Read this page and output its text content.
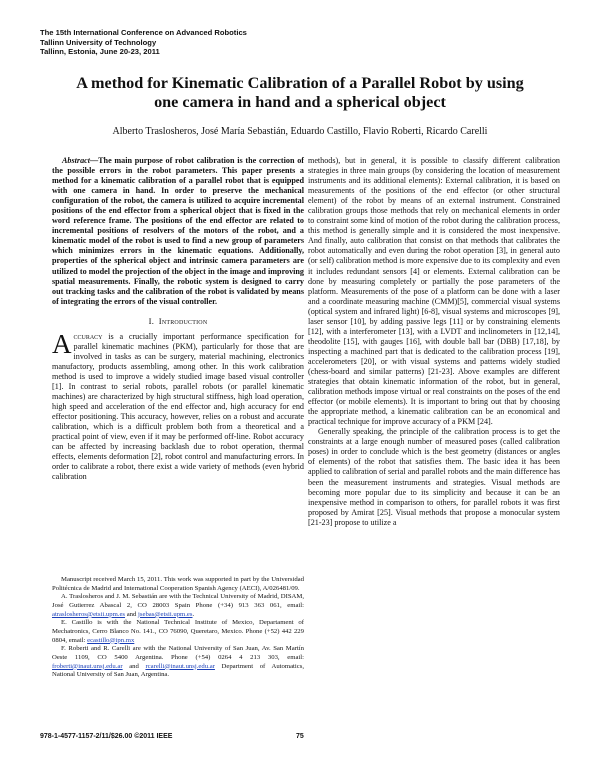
The 15th International Conference on Advanced Robotics
Tallinn University of Technology
Tallinn, Estonia, June 20-23, 2011
A method for Kinematic Calibration of a Parallel Robot by using
one camera in hand and a spherical object
Alberto Traslosheros, José María Sebastián, Eduardo Castillo, Flavio Roberti, Ricardo Carelli

Abstract—The main purpose of robot calibration is the correction of the possible errors in the robot parameters. This paper presents a method for a kinematic calibration of a parallel robot that is equipped with one camera in hand. In order to preserve the mechanical configuration of the robot, the camera is utilized to acquire incremental positions of the end effector from a spherical object that is fixed in the word reference frame. The positions of the end effector are related to incremental positions of resolvers of the motors of the robot, and a kinematic model of the robot is used to find a new group of parameters which minimizes errors in the kinematic equations. Additionally, properties of the spherical object and intrinsic camera parameters are utilized to model the projection of the object in the image and improving spatial measurements. Finally, the robotic system is designed to carry out tracking tasks and the calibration of the robot is validated by means of integrating the errors of the visual controller.

I. Introduction

Accuracy is a crucially important performance specification for parallel kinematic machines (PKM), particularly for those that are involved in tasks as can be surgery, material machining, electronics manufactory, products assembling, among other. In this work calibration method is used to improve a widely studied image based visual controller [1]. In contrast to serial robots, parallel robots (or parallel kinematic machines) are characterized by high structural stiffness, high load operation, high speed and acceleration of the end effector and, high accuracy for end effector positioning. This accuracy, however, relies on a robust and accurate calibration, which is a difficult problem both from a theoretical and a practical point of view, even if it may be performed off-line. Robot accuracy can be affected by increasing backlash due to robot operation, thermal effects, elements deformation [2], robot control and manufacturing errors. In order to calibrate a robot, there exist a wide variety of methods (even hybrid calibration

methods), but in general, it is possible to classify different calibration strategies in three main groups (by considering the location of measurement instruments and its additional elements): External calibration, it is based on measurements of the positions of the end effector (or other structural element) of the robot by means of an external instrument. Constrained calibration groups those methods that rely on mechanical elements in order to constraint some kind of motion of the robot during the calibration process, this method is generally simple and it is considered the most inexpensive. And finally, auto calibration that consist on that methods that calibrates the robot automatically and even during the robot operation [3], in general auto (or self) calibration method is more expensive due to its complexity and even it includes redundant sensors [4] or elements. External calibration can be done by measuring completely or partially the pose parameters of the platform. Measurements of the pose of a platform can be done with a laser and a coordinate measuring machine (CMM)[5], commercial visual systems (optical system and infrared light) [6-8], visual systems and microscopes [9], laser sensor [10], by adding passive legs [11] or by constraining elements [12], with a interferometer [13], with a LVDT and inclinometers in [12,14], theodolite [15], with gauges [16], with double ball bar (DBB) [17,18], by inspecting a machined part that is dedicated to the calibration process [19], accelerometers [20], or with visual systems and patterns widely studied (chess-board and similar patterns) [21-23]. Above examples are different strategies that obtain kinematic information of the robot, but in general, calibration methods impose virtual or real constraints on the poses of the end effector (or mobile elements). It is important to bring out that by choosing the appropriate method, a kinematic calibration can be an economical and practical technique for improve accuracy of a PKM [24].

Generally speaking, the principle of the calibration process is to get the constraints at a large enough number of measured poses (called calibration poses) in order to conclude which is the best geometry (distances or angles of elements) of the robot that satisfies them. The basic idea it has been applied to calibration of serial and parallel robots and the main difference has been the measurement instruments and strategies. Visual methods are becoming more popular due to its simplicity and because it can be an inexpensive method in comparison to others, for parallel robots it was first proposed by Amirat [25]. Visual methods that propose a monocular system [21-23] propose to utilize a

Manuscript received March 15, 2011. This work was supported in part by the Universidad Politécnica de Madrid and International Cooperation Spanish Agency (AECI), A/026481/09.

A. Traslosheros and J. M. Sebastián are with the Technical University of Madrid, DISAM, José Gutierrez Abascal 2, CO 28003 Spain Phone (+34) 913 363 061, email: atraslosheros@etsii.upm.es and jsebas@etsii.upm.es.

E. Castillo is with the National Technical Institute of Mexico, Departament of Mechatronics, Cerro Blanco No. 141., CO 76090, Queretaro, Mexico. Phone (+52) 442 229 0804, email: ecastillo@ipn.mx

F. Roberti and R. Carelli are with the National University of San Juan, Av. San Martín Oeste 1109, CO 5400 Argentina. Phone (+54) 0264 4 213 303, email: froberti@inaut.unsj.edu.ar and rcarelli@inaut.unsj.edu.ar Department of Automatics, National University of San Juan, Argentina.

978-1-4577-1157-2/11/$26.00 ©2011 IEEE	75
